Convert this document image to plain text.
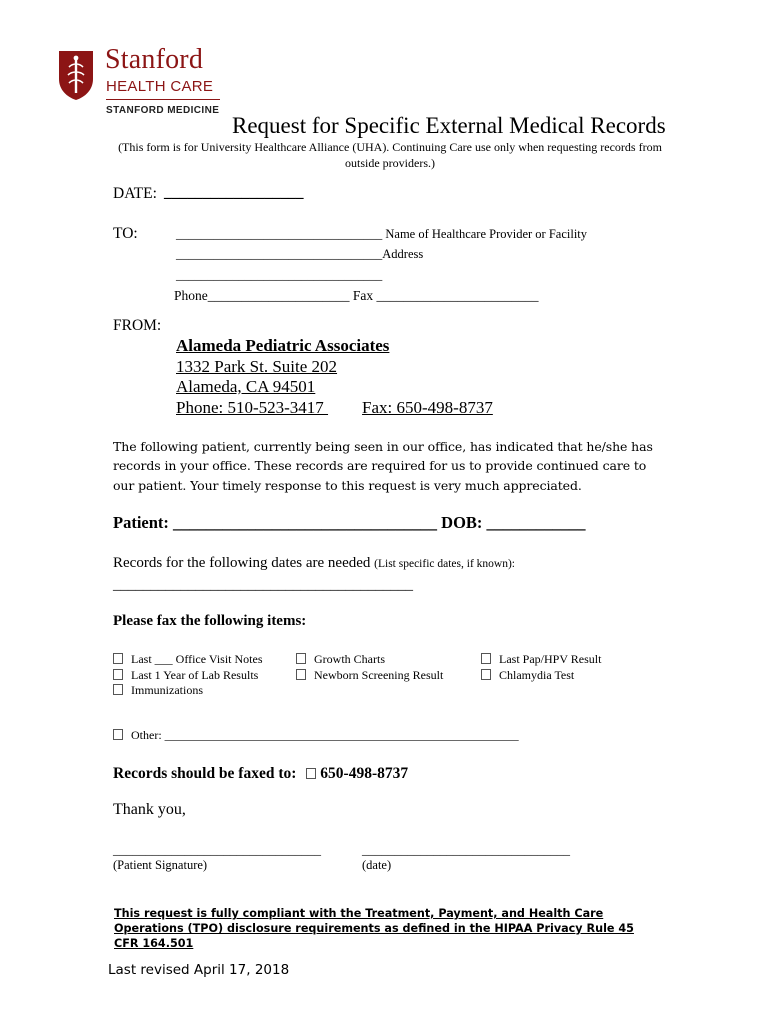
Stanford
HEALTH CARE
STANFORD MEDICINE
Request for Specific External Medical Records
(This form is for University Healthcare Alliance (UHA). Continuing Care use only when requesting records from outside providers.)
DATE: __________________
TO:	_________________________________ Name of Healthcare Provider or Facility
_________________________________Address
_________________________________
Phone_____________________ Fax ________________________
FROM:
Alameda Pediatric Associates
1332 Park St. Suite 202
Alameda, CA 94501
Phone: 510-523-3417 Fax: 650-498-8737
The following patient, currently being seen in our office, has indicated that he/she has records in your office. These records are required for us to provide continued care to our patient. Your timely response to this request is very much appreciated.
Patient: ________________________________ DOB: ____________
Records for the following dates are needed (List specific dates, if known):
________________________________________
Please fax the following items:
Last ___ Office Visit Notes
Last 1 Year of Lab Results
Immunizations
Growth Charts
Newborn Screening Result
Last Pap/HPV Result
Chlamydia Test
Other: ___________________________________________________________
Records should be faxed to: 650-498-8737
Thank you,
________________________________	________________________________
(Patient Signature)	(date)
This request is fully compliant with the Treatment, Payment, and Health Care Operations (TPO) disclosure requirements as defined in the HIPAA Privacy Rule 45 CFR 164.501
Last revised April 17, 2018
